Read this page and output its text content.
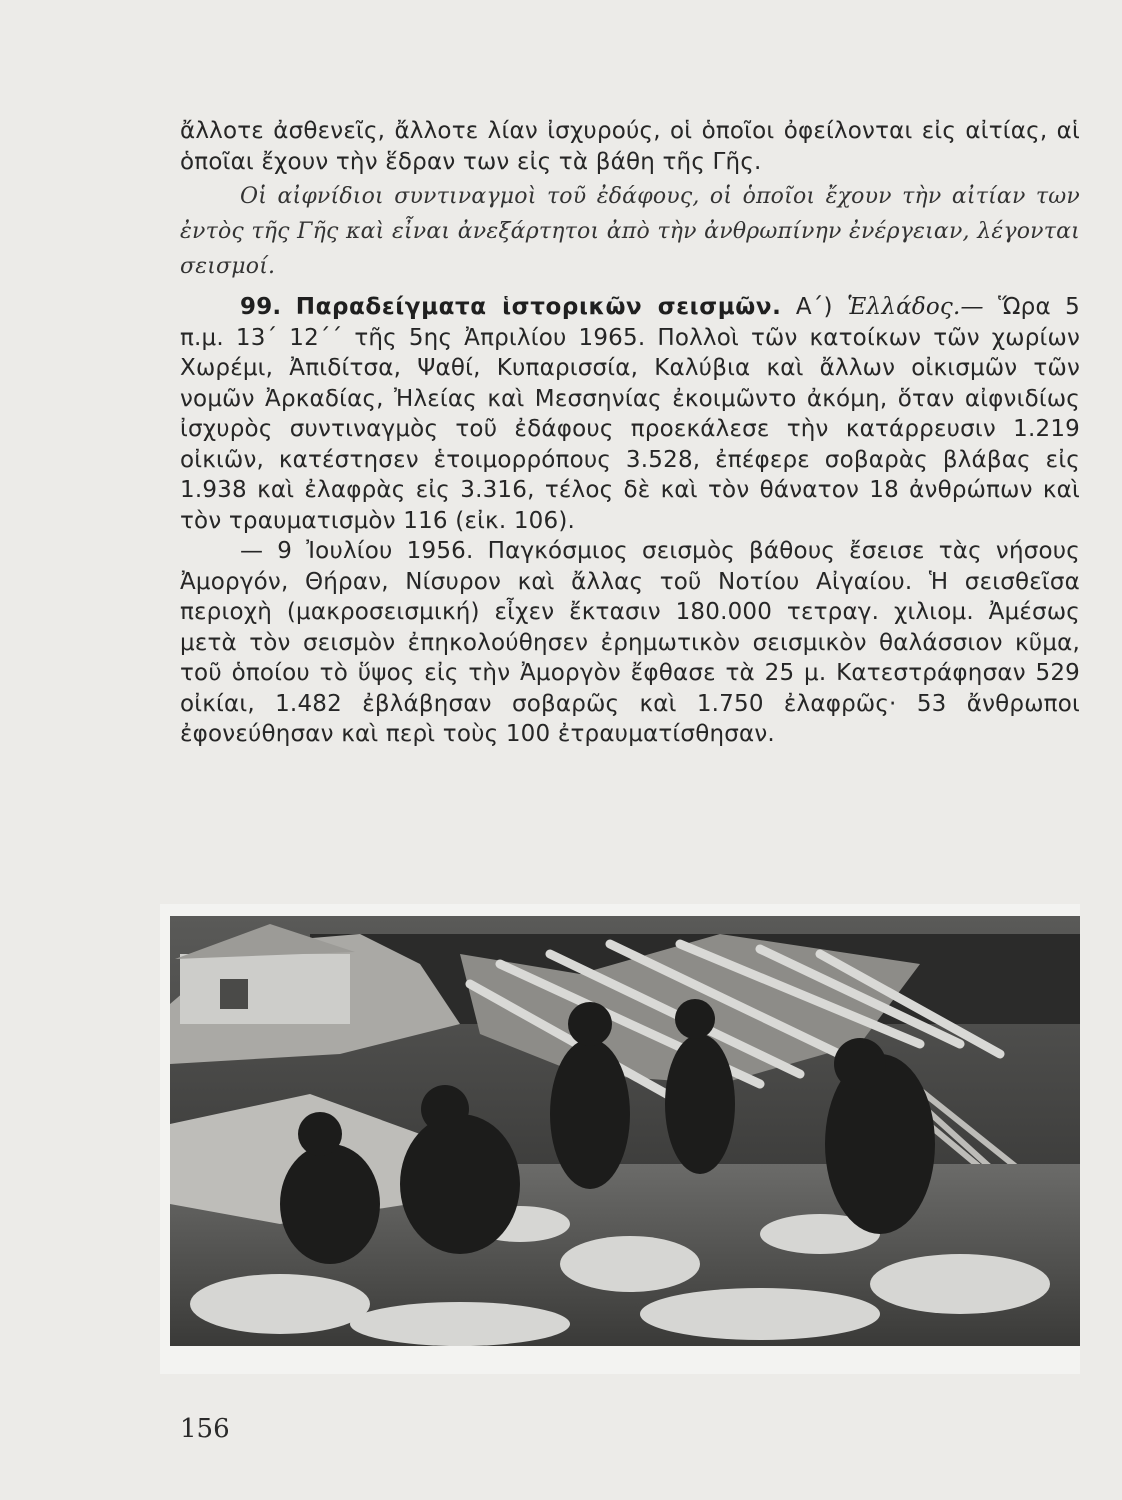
ἄλλοτε ἀσθενεῖς, ἄλλοτε λίαν ἰσχυρούς, οἱ ὁποῖοι ὀφείλονται εἰς αἰτίας, αἱ ὁποῖαι ἔχουν τὴν ἕδραν των εἰς τὰ βάθη τῆς Γῆς.

Οἱ αἰφνίδιοι συντιναγμοὶ τοῦ ἐδάφους, οἱ ὁποῖοι ἔχουν τὴν αἰτίαν των ἐντὸς τῆς Γῆς καὶ εἶναι ἀνεξάρτητοι ἀπὸ τὴν ἀνθρωπίνην ἐνέργειαν, λέγονται σεισμοί.

99. Παραδείγματα ἱστορικῶν σεισμῶν. Α΄) Ἑλλάδος.— Ὥρα 5 π.μ. 13΄ 12΄΄ τῆς 5ης Ἀπριλίου 1965. Πολλοὶ τῶν κατοίκων τῶν χωρίων Χωρέμι, Ἀπιδίτσα, Ψαθί, Κυπαρισσία, Καλύβια καὶ ἄλλων οἰκισμῶν τῶν νομῶν Ἀρκαδίας, Ἠλείας καὶ Μεσσηνίας ἐκοιμῶντο ἀκόμη, ὅταν αἰφνιδίως ἰσχυρὸς συντιναγμὸς τοῦ ἐδάφους προεκάλεσε τὴν κατάρρευσιν 1.219 οἰκιῶν, κατέστησεν ἑτοιμορρόπους 3.528, ἐπέφερε σοβαρὰς βλάβας εἰς 1.938 καὶ ἐλαφρὰς εἰς 3.316, τέλος δὲ καὶ τὸν θάνατον 18 ἀνθρώπων καὶ τὸν τραυματισμὸν 116 (εἰκ. 106).

— 9 Ἰουλίου 1956. Παγκόσμιος σεισμὸς βάθους ἔσεισε τὰς νήσους Ἀμοργόν, Θήραν, Νίσυρον καὶ ἄλλας τοῦ Νοτίου Αἰγαίου. Ἡ σεισθεῖσα περιοχὴ (μακροσεισμική) εἶχεν ἔκτασιν 180.000 τετραγ. χιλιομ. Ἀμέσως μετὰ τὸν σεισμὸν ἐπηκολούθησεν ἐρημωτικὸν σεισμικὸν θαλάσσιον κῦμα, τοῦ ὁποίου τὸ ὕψος εἰς τὴν Ἀμοργὸν ἔφθασε τὰ 25 μ. Κατεστράφησαν 529 οἰκίαι, 1.482 ἐβλάβησαν σοβαρῶς καὶ 1.750 ἐλαφρῶς· 53 ἄνθρωποι ἐφονεύθησαν καὶ περὶ τοὺς 100 ἐτραυματίσθησαν.

156
